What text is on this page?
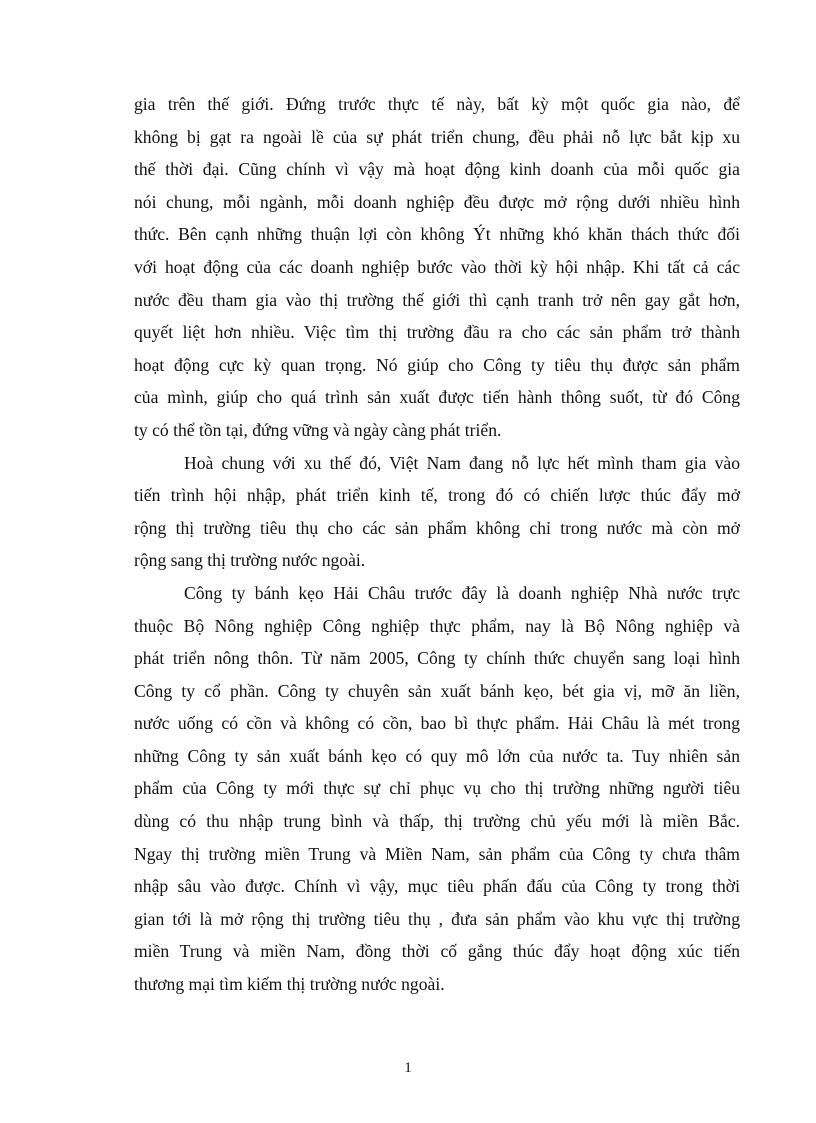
gia trên thế giới. Đứng trước thực tế này, bất kỳ một quốc gia nào, để
không bị gạt ra ngoài lề của sự phát triển chung, đều phải nỗ lực bắt kịp xu
thế thời đại. Cũng chính vì vậy mà hoạt động kinh doanh của mỗi quốc gia
nói chung, mỗi ngành, mỗi doanh nghiệp đều được mở rộng dưới nhiều hình
thức. Bên cạnh những thuận lợi còn không Ýt những khó khăn thách thức đối
với hoạt động của các doanh nghiệp bước vào thời kỳ hội nhập. Khi tất cả các
nước đều tham gia vào thị trường thế giới thì cạnh tranh trở nên gay gắt hơn,
quyết liệt hơn nhiều. Việc tìm thị trường đầu ra cho các sản phẩm trở thành
hoạt động cực kỳ quan trọng. Nó giúp cho Công ty tiêu thụ được sản phẩm
của mình, giúp cho quá trình sản xuất được tiến hành thông suốt, từ đó Công
ty có thể tồn tại, đứng vững và ngày càng phát triển.

Hoà chung với xu thế đó, Việt Nam đang nỗ lực hết mình tham gia vào
tiến trình hội nhập, phát triển kinh tế, trong đó có chiến lược thúc đẩy mở
rộng thị trường tiêu thụ cho các sản phẩm không chỉ trong nước mà còn mở
rộng sang thị trường nước ngoài.

Công ty bánh kẹo Hải Châu trước đây là doanh nghiệp Nhà nước trực
thuộc Bộ Nông nghiệp Công nghiệp thực phẩm, nay là Bộ Nông nghiệp và
phát triển nông thôn. Từ năm 2005, Công ty chính thức chuyển sang loại hình
Công ty cổ phần. Công ty chuyên sản xuất bánh kẹo, bét gia vị, mỡ ăn liền,
nước uống có cồn và không có cồn, bao bì thực phẩm. Hải Châu là mét trong
những Công ty sản xuất bánh kẹo có quy mô lớn của nước ta. Tuy nhiên sản
phẩm của Công ty mới thực sự chỉ phục vụ cho thị trường những người tiêu
dùng có thu nhập trung bình và thấp, thị trường chủ yếu mới là miền Bắc.
Ngay thị trường miền Trung và Miền Nam, sản phẩm của Công ty chưa thâm
nhập sâu vào được. Chính vì vậy, mục tiêu phấn đấu của Công ty trong thời
gian tới là mở rộng thị trường tiêu thụ , đưa sản phẩm vào khu vực thị trường
miền Trung và miền Nam, đồng thời cố gắng thúc đẩy hoạt động xúc tiến
thương mại tìm kiếm thị trường nước ngoài.

1
